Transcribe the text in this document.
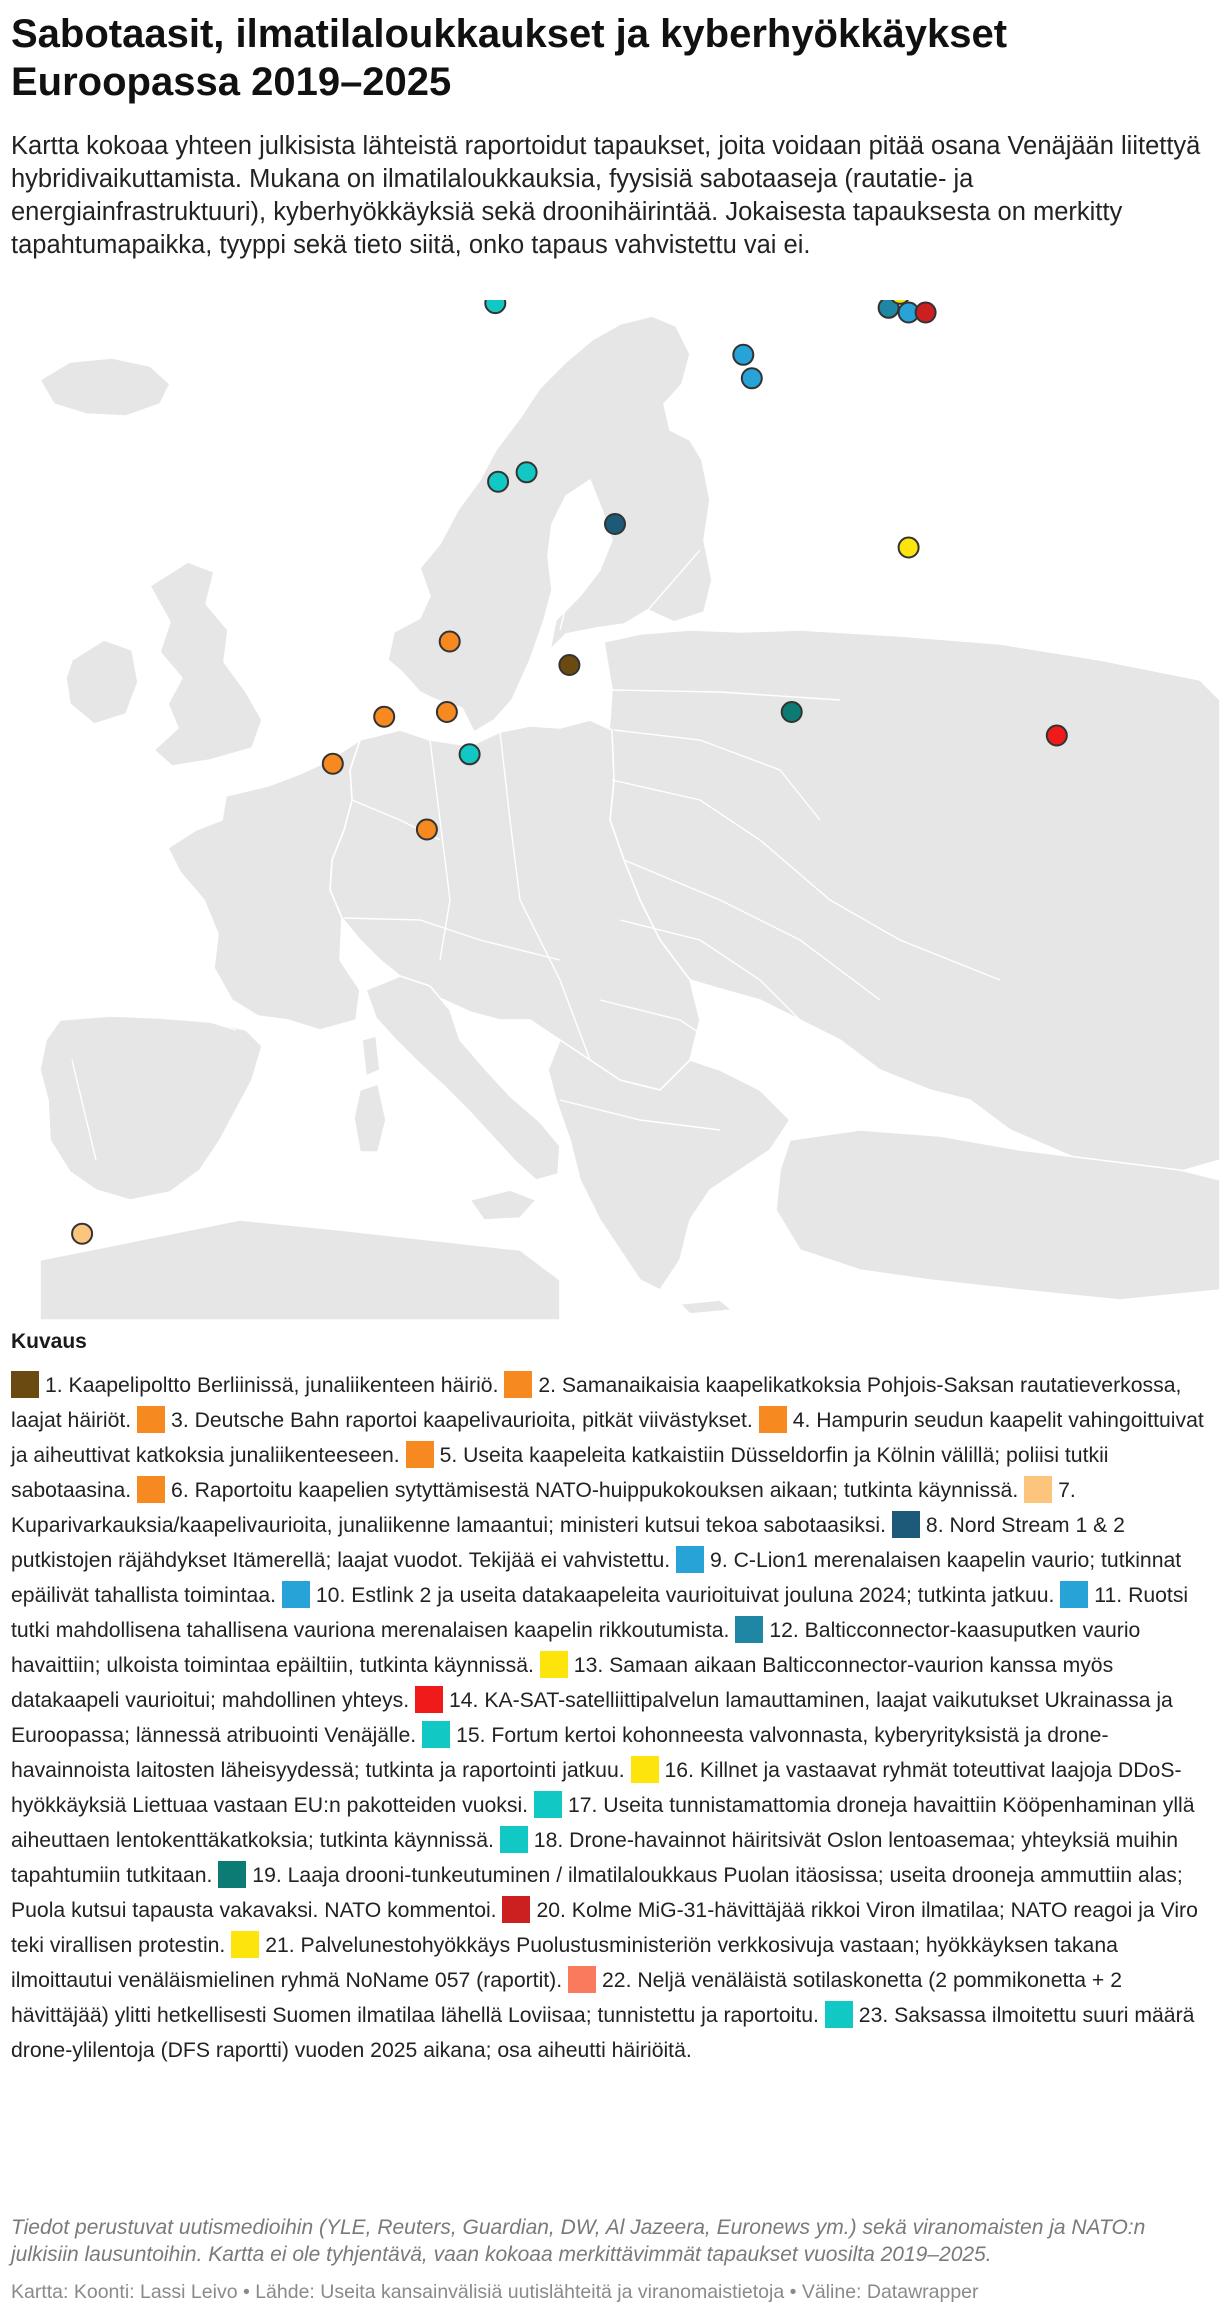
Sabotaasit, ilmatilaloukkaukset ja kyberhyökkäykset Euroopassa 2019–2025
Kartta kokoaa yhteen julkisista lähteistä raportoidut tapaukset, joita voidaan pitää osana Venäjään liitettyä hybridivaikuttamista. Mukana on ilmatilaloukkauksia, fyysisiä sabotaaseja (rautatie- ja energiainfrastruktuuri), kyberhyökkäyksiä sekä droonihäirintää. Jokaisesta tapauksesta on merkitty tapahtumapaikka, tyyppi sekä tieto siitä, onko tapaus vahvistettu vai ei.
Kuvaus
1. Kaapelipoltto Berliinissä, junaliikenteen häiriö. 2. Samanaikaisia kaapelikatkoksia Pohjois-Saksan rautatieverkossa, laajat häiriöt. 3. Deutsche Bahn raportoi kaapelivaurioita, pitkät viivästykset. 4. Hampurin seudun kaapelit vahingoittuivat ja aiheuttivat katkoksia junaliikenteeseen. 5. Useita kaapeleita katkaistiin Düsseldorfin ja Kölnin välillä; poliisi tutkii sabotaasina. 6. Raportoitu kaapelien sytyttämisestä NATO-huippukokouksen aikaan; tutkinta käynnissä. 7. Kuparivarkauksia/kaapelivaurioita, junaliikenne lamaantui; ministeri kutsui tekoa sabotaasiksi. 8. Nord Stream 1 & 2 putkistojen räjähdykset Itämerellä; laajat vuodot. Tekijää ei vahvistettu. 9. C-Lion1 merenalaisen kaapelin vaurio; tutkinnat epäilivät tahallista toimintaa. 10. Estlink 2 ja useita datakaapeleita vaurioituivat jouluna 2024; tutkinta jatkuu. 11. Ruotsi tutki mahdollisena tahallisena vauriona merenalaisen kaapelin rikkoutumista. 12. Balticconnector-kaasuputken vaurio havaittiin; ulkoista toimintaa epäiltiin, tutkinta käynnissä. 13. Samaan aikaan Balticconnector-vaurion kanssa myös datakaapeli vaurioitui; mahdollinen yhteys. 14. KA-SAT-satelliittipalvelun lamauttaminen, laajat vaikutukset Ukrainassa ja Euroopassa; lännessä atribuointi Venäjälle. 15. Fortum kertoi kohonneesta valvonnasta, kyberyrityksistä ja drone-havainnoista laitosten läheisyydessä; tutkinta ja raportointi jatkuu. 16. Killnet ja vastaavat ryhmät toteuttivat laajoja DDoS-hyökkäyksiä Liettuaa vastaan EU:n pakotteiden vuoksi. 17. Useita tunnistamattomia droneja havaittiin Kööpenhaminan yllä aiheuttaen lentokenttäkatkoksia; tutkinta käynnissä. 18. Drone-havainnot häiritsivät Oslon lentoasemaa; yhteyksiä muihin tapahtumiin tutkitaan. 19. Laaja drooni-tunkeutuminen / ilmatilaloukkaus Puolan itäosissa; useita drooneja ammuttiin alas; Puola kutsui tapausta vakavaksi. NATO kommentoi. 20. Kolme MiG-31-hävittäjää rikkoi Viron ilmatilaa; NATO reagoi ja Viro teki virallisen protestin. 21. Palvelunestohyökkäys Puolustusministeriön verkkosivuja vastaan; hyökkäyksen takana ilmoittautui venäläismielinen ryhmä NoName 057 (raportit). 22. Neljä venäläistä sotilaskonetta (2 pommikonetta + 2 hävittäjää) ylitti hetkellisesti Suomen ilmatilaa lähellä Loviisaa; tunnistettu ja raportoitu. 23. Saksassa ilmoitettu suuri määrä drone-ylilentoja (DFS raportti) vuoden 2025 aikana; osa aiheutti häiriöitä.
Tiedot perustuvat uutismedioihin (YLE, Reuters, Guardian, DW, Al Jazeera, Euronews ym.) sekä viranomaisten ja NATO:n julkisiin lausuntoihin. Kartta ei ole tyhjentävä, vaan kokoaa merkittävimmät tapaukset vuosilta 2019–2025.
Kartta: Koonti: Lassi Leivo • Lähde: Useita kansainvälisiä uutislähteitä ja viranomaistietoja • Väline: Datawrapper
